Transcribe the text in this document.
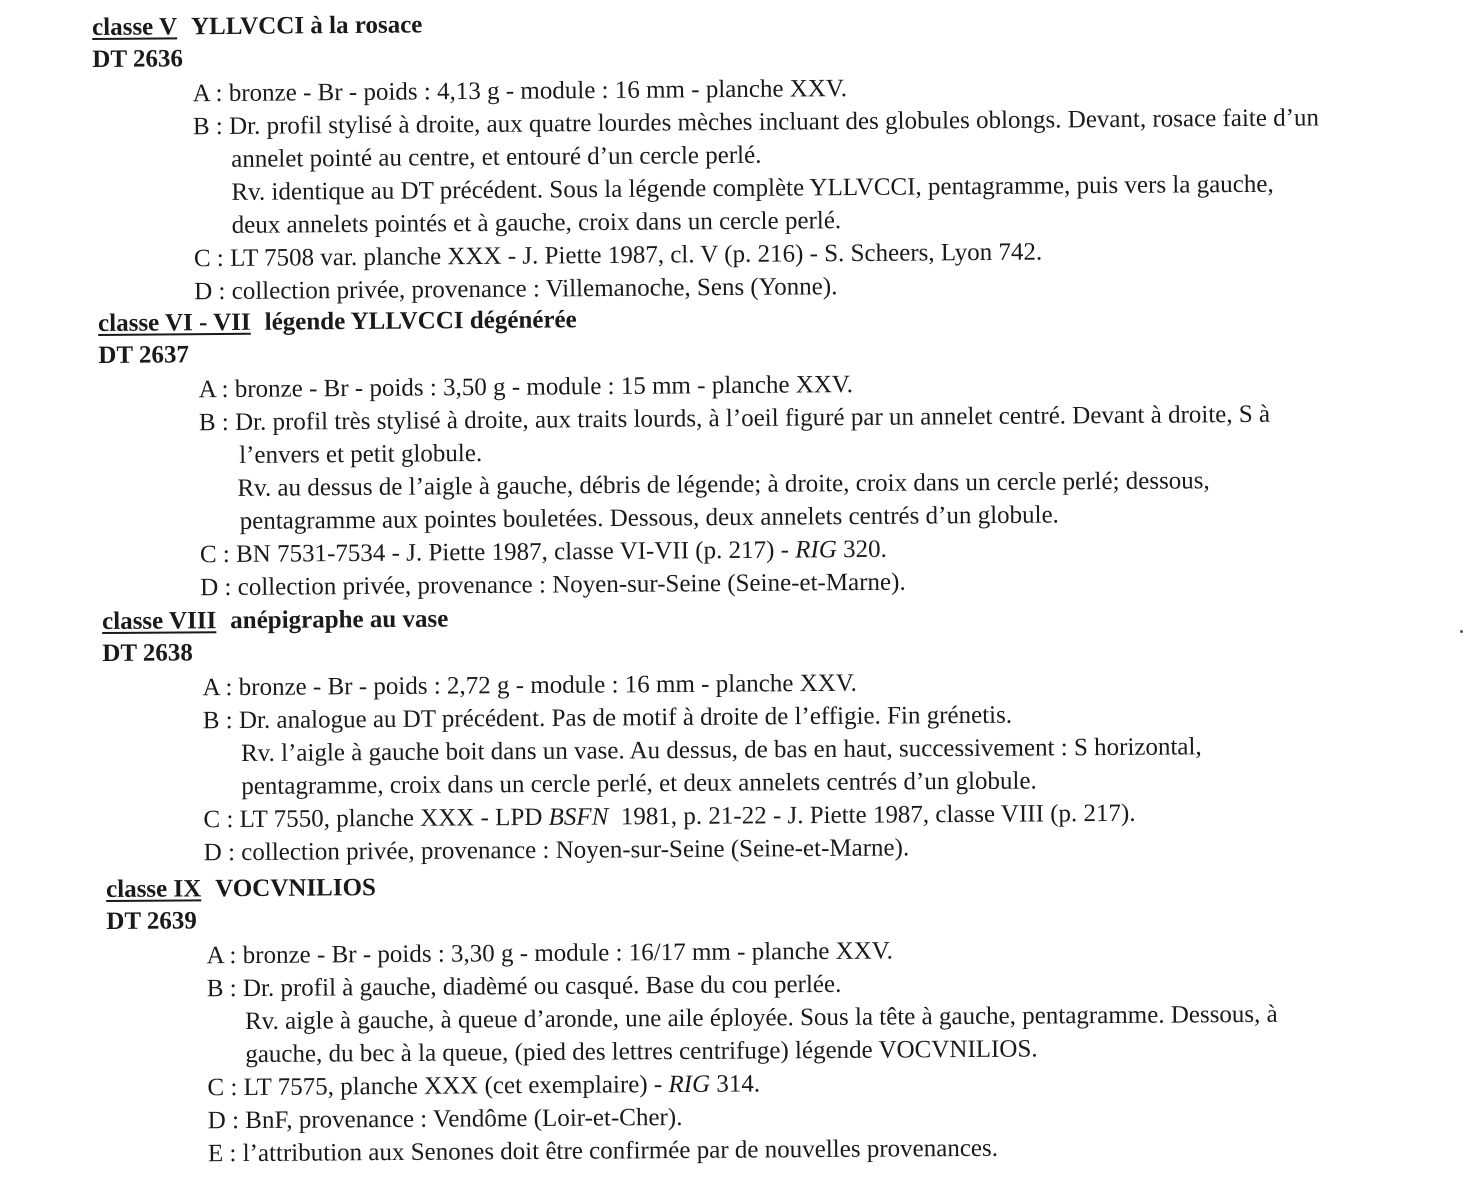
classe V YLLVCCI à la rosace
DT 2636
A : bronze - Br - poids : 4,13 g - module : 16 mm - planche XXV.
B : Dr. profil stylisé à droite, aux quatre lourdes mèches incluant des globules oblongs. Devant, rosace faite d’un
annelet pointé au centre, et entouré d’un cercle perlé.
Rv. identique au DT précédent. Sous la légende complète YLLVCCI, pentagramme, puis vers la gauche,
deux annelets pointés et à gauche, croix dans un cercle perlé.
C : LT 7508 var. planche XXX - J. Piette 1987, cl. V (p. 216) - S. Scheers, Lyon 742.
D : collection privée, provenance : Villemanoche, Sens (Yonne).
classe VI - VII légende YLLVCCI dégénérée
DT 2637
A : bronze - Br - poids : 3,50 g - module : 15 mm - planche XXV.
B : Dr. profil très stylisé à droite, aux traits lourds, à l’oeil figuré par un annelet centré. Devant à droite, S à
l’envers et petit globule.
Rv. au dessus de l’aigle à gauche, débris de légende; à droite, croix dans un cercle perlé; dessous,
pentagramme aux pointes bouletées. Dessous, deux annelets centrés d’un globule.
C : BN 7531-7534 - J. Piette 1987, classe VI-VII (p. 217) - RIG 320.
D : collection privée, provenance : Noyen-sur-Seine (Seine-et-Marne).
classe VIII anépigraphe au vase
DT 2638
A : bronze - Br - poids : 2,72 g - module : 16 mm - planche XXV.
B : Dr. analogue au DT précédent. Pas de motif à droite de l’effigie. Fin grénetis.
Rv. l’aigle à gauche boit dans un vase. Au dessus, de bas en haut, successivement : S horizontal,
pentagramme, croix dans un cercle perlé, et deux annelets centrés d’un globule.
C : LT 7550, planche XXX - LPD BSFN  1981, p. 21-22 - J. Piette 1987, classe VIII (p. 217).
D : collection privée, provenance : Noyen-sur-Seine (Seine-et-Marne).
classe IX VOCVNILIOS
DT 2639
A : bronze - Br - poids : 3,30 g - module : 16/17 mm - planche XXV.
B : Dr. profil à gauche, diadèmé ou casqué. Base du cou perlée.
Rv. aigle à gauche, à queue d’aronde, une aile éployée. Sous la tête à gauche, pentagramme. Dessous, à
gauche, du bec à la queue, (pied des lettres centrifuge) légende VOCVNILIOS.
C : LT 7575, planche XXX (cet exemplaire) - RIG 314.
D : BnF, provenance : Vendôme (Loir-et-Cher).
E : l’attribution aux Senones doit être confirmée par de nouvelles provenances.
